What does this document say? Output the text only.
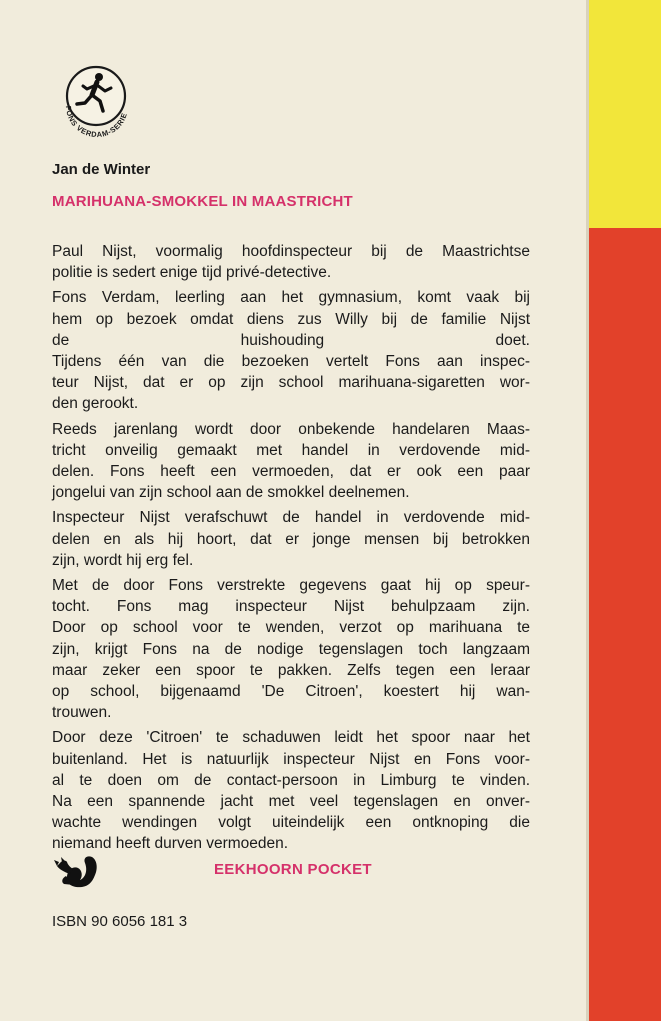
FONS VERDAM-SERIE
Jan de Winter
MARIHUANA-SMOKKEL IN MAASTRICHT

Paul Nijst, voormalig hoofdinspecteur bij de Maastrichtse
politie is sedert enige tijd privé-detective.

Fons Verdam, leerling aan het gymnasium, komt vaak bij
hem op bezoek omdat diens zus Willy bij de familie Nijst
de huishouding doet.
Tijdens één van die bezoeken vertelt Fons aan inspec-
teur Nijst, dat er op zijn school marihuana-sigaretten wor-
den gerookt.

Reeds jarenlang wordt door onbekende handelaren Maas-
tricht onveilig gemaakt met handel in verdovende mid-
delen. Fons heeft een vermoeden, dat er ook een paar
jongelui van zijn school aan de smokkel deelnemen.

Inspecteur Nijst verafschuwt de handel in verdovende mid-
delen en als hij hoort, dat er jonge mensen bij betrokken
zijn, wordt hij erg fel.

Met de door Fons verstrekte gegevens gaat hij op speur-
tocht. Fons mag inspecteur Nijst behulpzaam zijn.
Door op school voor te wenden, verzot op marihuana te
zijn, krijgt Fons na de nodige tegenslagen toch langzaam
maar zeker een spoor te pakken. Zelfs tegen een leraar
op school, bijgenaamd 'De Citroen', koestert hij wan-
trouwen.

Door deze 'Citroen' te schaduwen leidt het spoor naar het
buitenland. Het is natuurlijk inspecteur Nijst en Fons voor-
al te doen om de contact-persoon in Limburg te vinden.
Na een spannende jacht met veel tegenslagen en onver-
wachte wendingen volgt uiteindelijk een ontknoping die
niemand heeft durven vermoeden.

EEKHOORN POCKET
ISBN 90 6056 181 3
